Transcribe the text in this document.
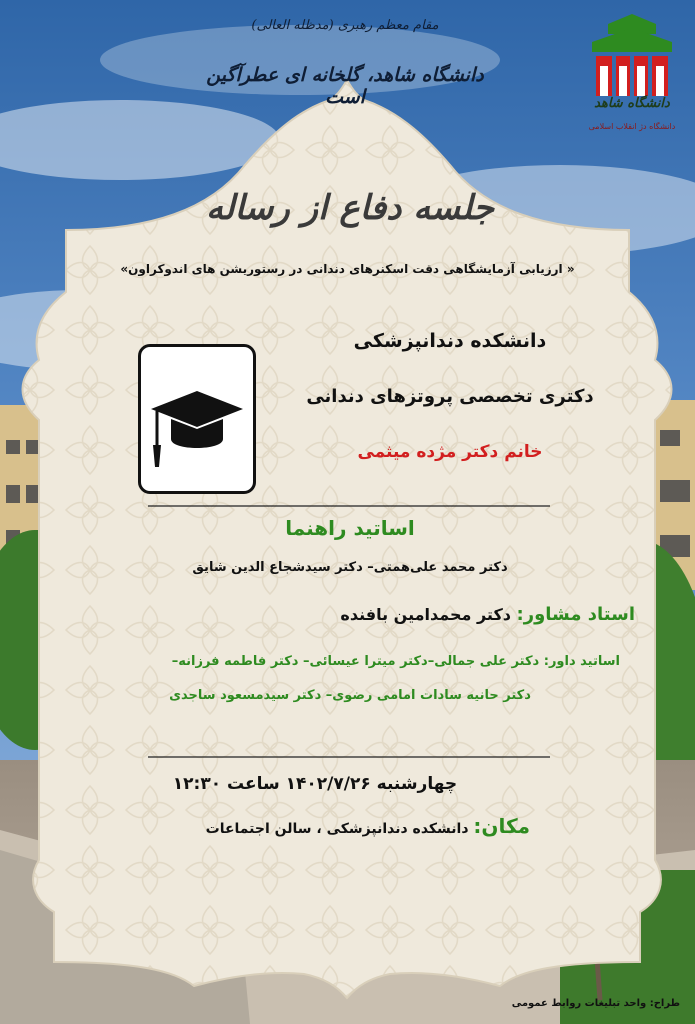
دانشگاه شاهد
دانشگاه دژ انقلاب اسلامی
مقام معظم رهبری (مدظله العالی)
دانشگاه شاهد، گلخانه ای عطرآگین است
جلسه دفاع از رساله
« ارزیابی آزمایشگاهی دقت اسکنرهای دندانی در رستوریشن های اندوکراون»
دانشکده دندانپزشکی
دکتری تخصصی پروتزهای دندانی
خانم دکتر مژده میثمی
اساتید راهنما
دکتر محمد علی‌همتی– دکتر سیدشجاع الدین شایق
استاد مشاور: دکتر محمدامین بافنده
اساتید داور: دکتر علی جمالی–دکتر میترا عیسائی– دکتر فاطمه فرزانه–
دکتر حانیه سادات امامی رضوی– دکتر سیدمسعود ساجدی
چهارشنبه ۱۴۰۲/۷/۲۶ ساعت ۱۲:۳۰
مکان: دانشکده دندانپزشکی ، سالن اجتماعات
طراح: واحد تبلیغات روابط عمومی
